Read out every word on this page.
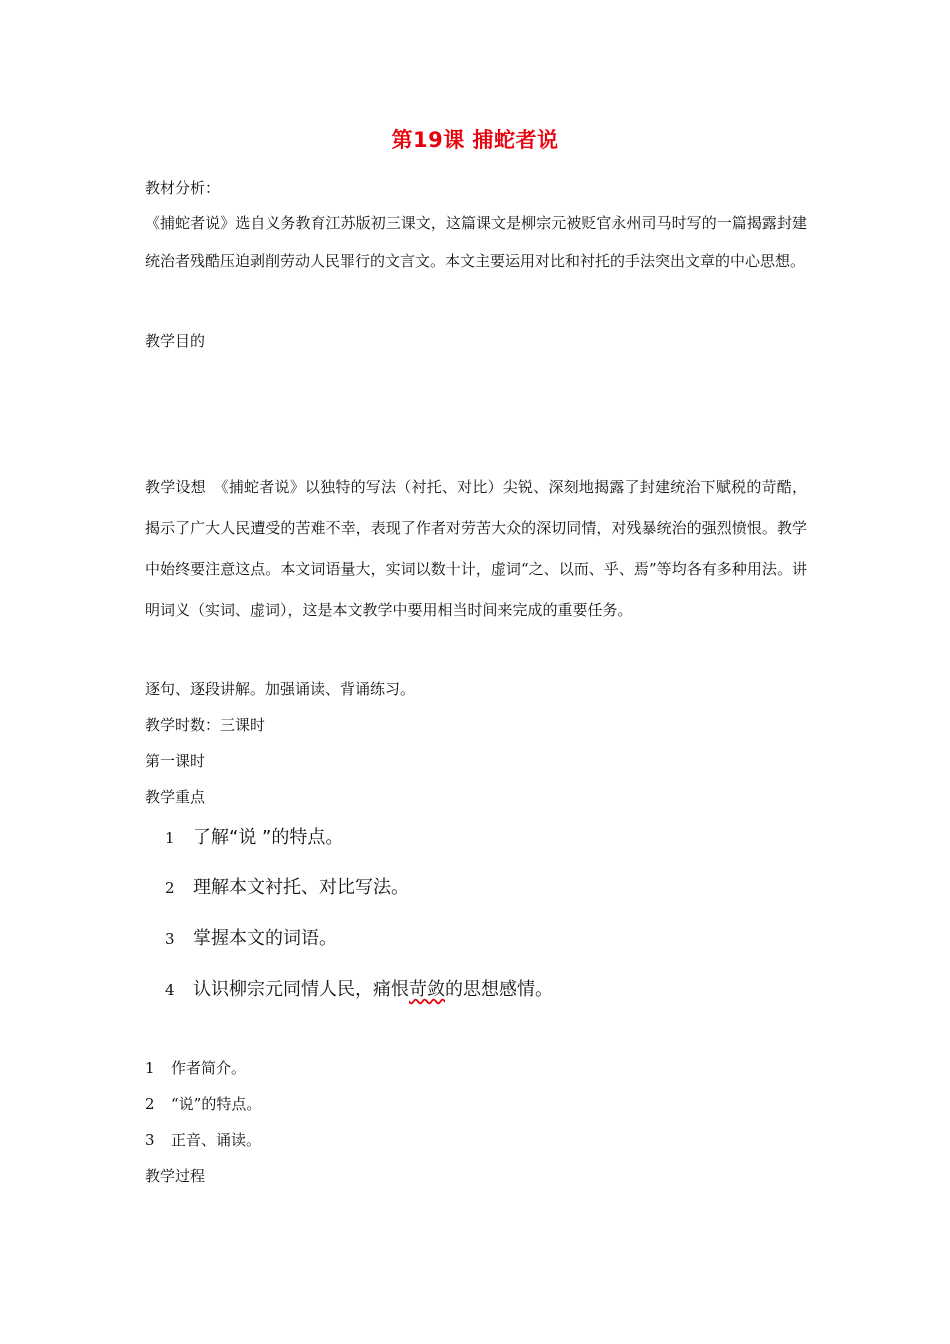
第19课 捕蛇者说
教材分析：
《捕蛇者说》选自义务教育江苏版初三课文，这篇课文是柳宗元被贬官永州司马时写的一篇揭露封建统治者残酷压迫剥削劳动人民罪行的文言文。本文主要运用对比和衬托的手法突出文章的中心思想。
教学目的
教学设想　《捕蛇者说》以独特的写法（衬托、对比）尖锐、深刻地揭露了封建统治下赋税的苛酷，揭示了广大人民遭受的苦难不幸，表现了作者对劳苦大众的深切同情，对残暴统治的强烈愤恨。教学中始终要注意这点。本文词语量大，实词以数十计，虚词“之、以而、乎、焉”等均各有多种用法。讲明词义（实词、虚词），这是本文教学中要用相当时间来完成的重要任务。
逐句、逐段讲解。加强诵读、背诵练习。
教学时数：三课时
第一课时
教学重点
1 了解“说 ”的特点。
2 理解本文衬托、对比写法。
3 掌握本文的词语。
4 认识柳宗元同情人民，痛恨苛敛的思想感情。
1 作者简介。
2 “说”的特点。
3 正音、诵读。
教学过程
